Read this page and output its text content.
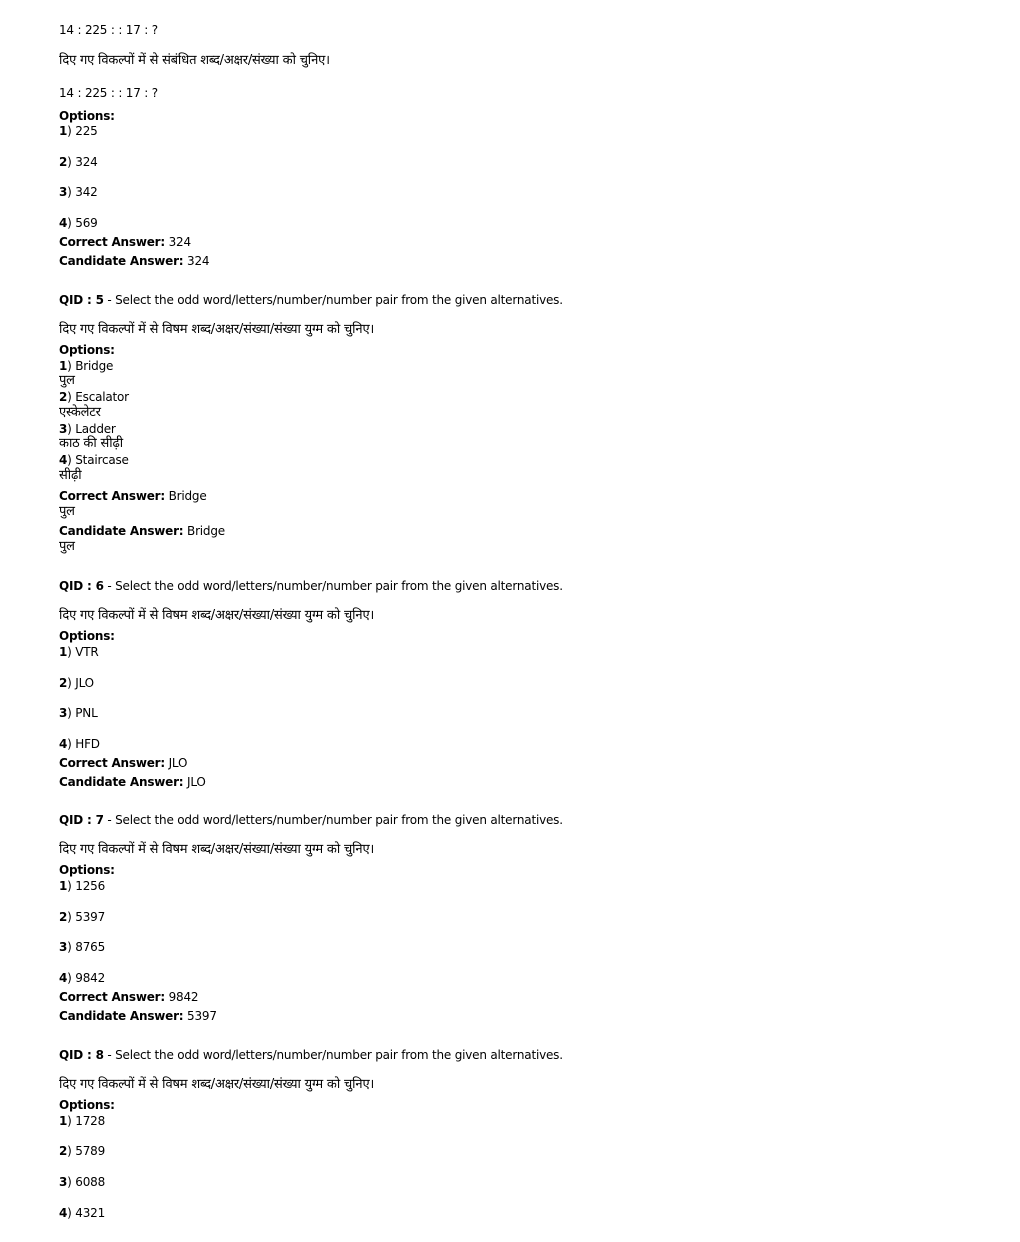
14 : 225 : : 17 : ?
दिए गए विकल्पों में से संबंधित शब्द/अक्षर/संख्या को चुनिए।
14 : 225 : : 17 : ?
Options:
1) 225
2) 324
3) 342
4) 569
Correct Answer: 324
Candidate Answer: 324
QID : 5 - Select the odd word/letters/number/number pair from the given alternatives.
दिए गए विकल्पों में से विषम शब्द/अक्षर/संख्या/संख्या युग्म को चुनिए।
Options:
1) Bridge
पुल
2) Escalator
एस्केलेटर
3) Ladder
काठ की सीढ़ी
4) Staircase
सीढ़ी
Correct Answer: Bridge
पुल
Candidate Answer: Bridge
पुल
QID : 6 - Select the odd word/letters/number/number pair from the given alternatives.
दिए गए विकल्पों में से विषम शब्द/अक्षर/संख्या/संख्या युग्म को चुनिए।
Options:
1) VTR
2) JLO
3) PNL
4) HFD
Correct Answer: JLO
Candidate Answer: JLO
QID : 7 - Select the odd word/letters/number/number pair from the given alternatives.
दिए गए विकल्पों में से विषम शब्द/अक्षर/संख्या/संख्या युग्म को चुनिए।
Options:
1) 1256
2) 5397
3) 8765
4) 9842
Correct Answer: 9842
Candidate Answer: 5397
QID : 8 - Select the odd word/letters/number/number pair from the given alternatives.
दिए गए विकल्पों में से विषम शब्द/अक्षर/संख्या/संख्या युग्म को चुनिए।
Options:
1) 1728
2) 5789
3) 6088
4) 4321
